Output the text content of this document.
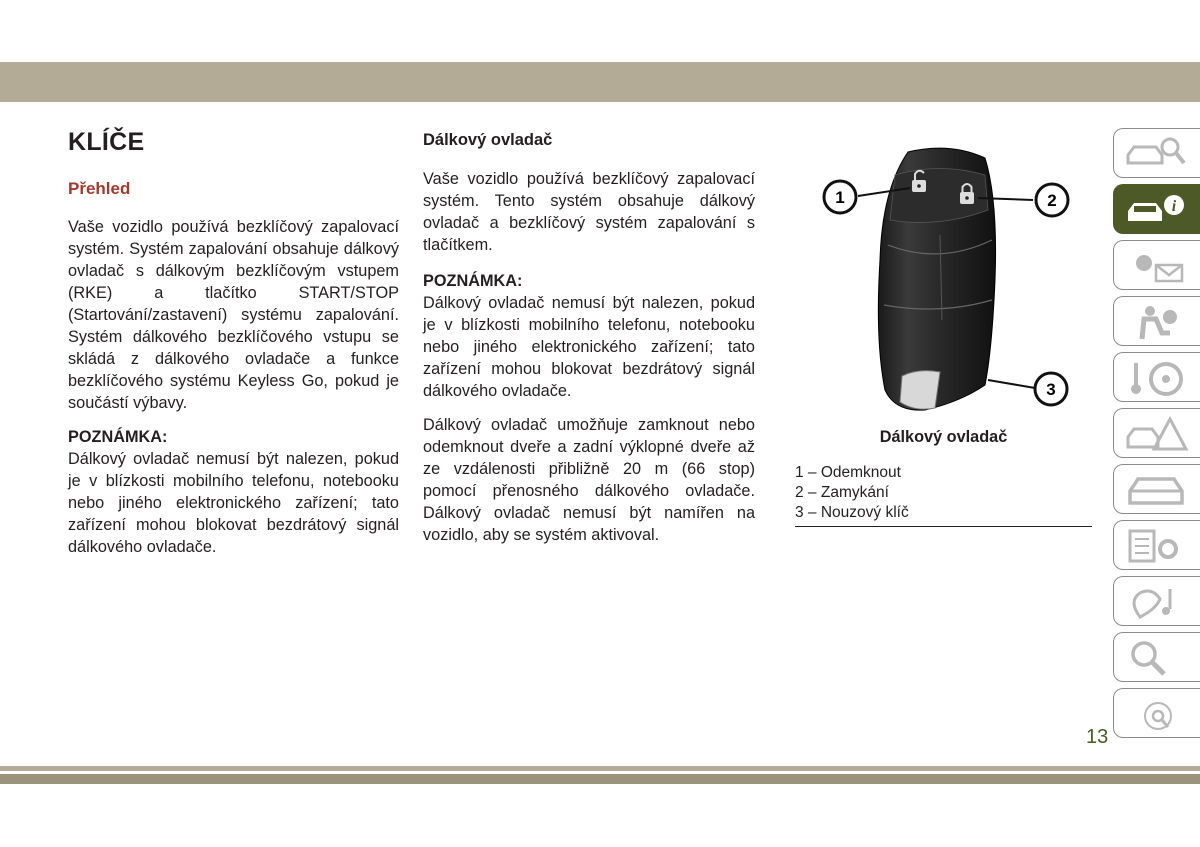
KLÍČE
Přehled

Vaše vozidlo používá bezklíčový zapalovací systém. Systém zapalování obsahuje dálkový ovladač s dálkovým bezklíčovým vstupem (RKE) a tlačítko START/STOP (Startování/zastavení) systému zapalování. Systém dálkového bezklíčového vstupu se skládá z dálkového ovladače a funkce bezklíčového systému Keyless Go, pokud je součástí výbavy.

POZNÁMKA:

Dálkový ovladač nemusí být nalezen, pokud je v blízkosti mobilního telefonu, notebooku nebo jiného elektronického zařízení; tato zařízení mohou blokovat bezdrátový signál dálkového ovladače.

Dálkový ovladač

Vaše vozidlo používá bezklíčový zapalovací systém. Tento systém obsahuje dálkový ovladač a bezklíčový systém zapalování s tlačítkem.

POZNÁMKA:

Dálkový ovladač nemusí být nalezen, pokud je v blízkosti mobilního telefonu, notebooku nebo jiného elektronického zařízení; tato zařízení mohou blokovat bezdrátový signál dálkového ovladače.

Dálkový ovladač umožňuje zamknout nebo odemknout dveře a zadní výklopné dveře až ze vzdálenosti přibližně 20 m (66 stop) pomocí přenosného dálkového ovladače. Dálkový ovladač nemusí být namířen na vozidlo, aby se systém aktivoval.

1	2
3
Dálkový ovladač
1 – Odemknout
2 – Zamykání
3 – Nouzový klíč
i
13
